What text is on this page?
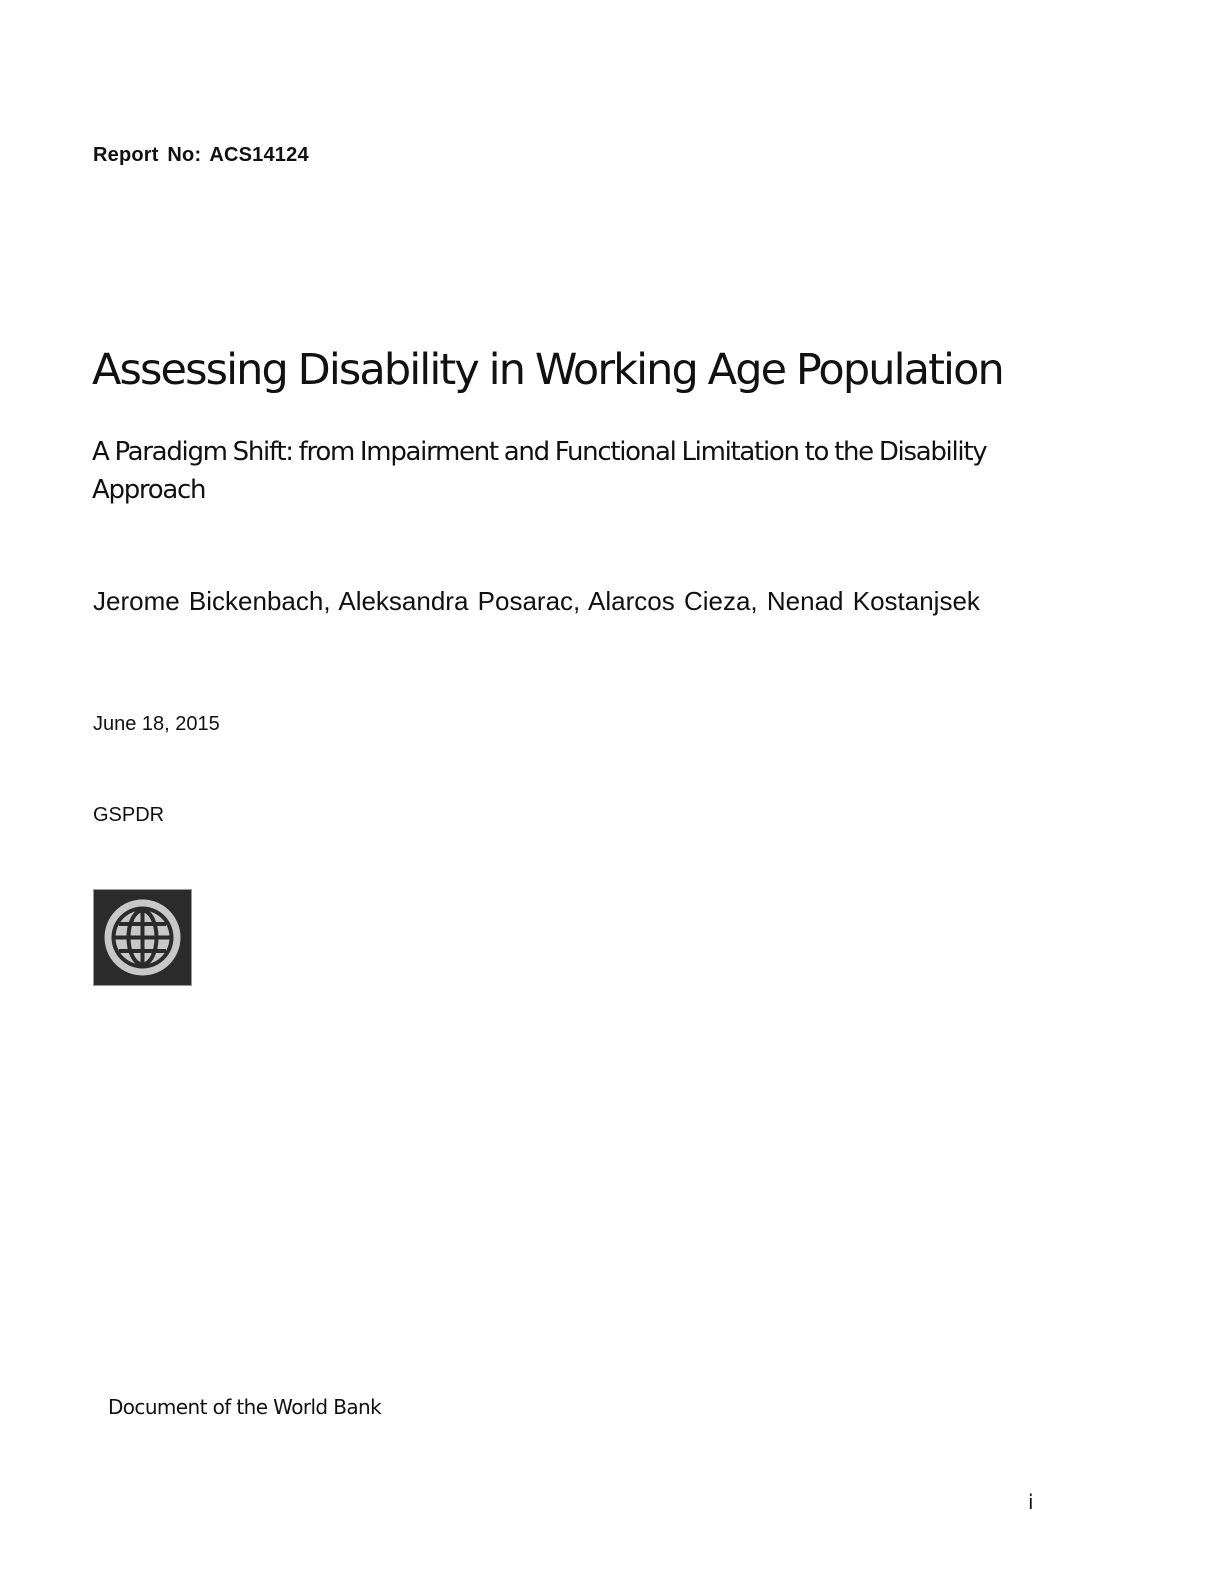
Report No: ACS14124
Assessing Disability in Working Age Population
A Paradigm Shift: from Impairment and Functional Limitation to the Disability Approach
Jerome Bickenbach, Aleksandra Posarac, Alarcos Cieza, Nenad Kostanjsek
June 18, 2015
GSPDR
Document of the World Bank
i
